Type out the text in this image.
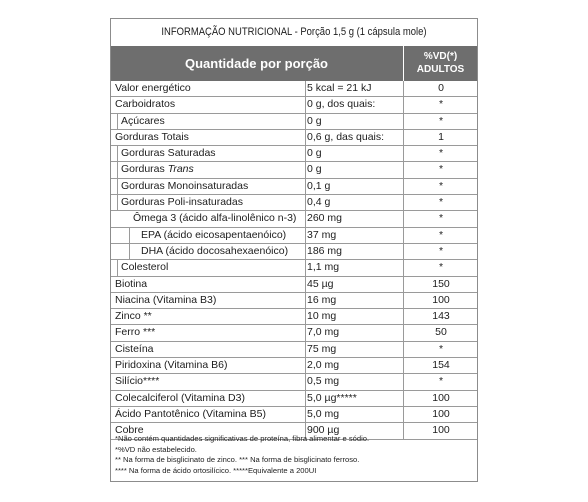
INFORMAÇÃO NUTRICIONAL - Porção 1,5 g (1 cápsula mole)
Quantidade por porção	%VD(*)
ADULTOS
Valor energético	5 kcal = 21 kJ	0
Carboidratos	0 g, dos quais:	*
Açúcares	0 g	*
Gorduras Totais	0,6 g, das quais:	1
Gorduras Saturadas	0 g	*
Gorduras Trans	0 g	*
Gorduras Monoinsaturadas	0,1 g	*
Gorduras Poli-insaturadas	0,4 g	*
Ômega 3 (ácido alfa-linolênico n-3)	260 mg	*
EPA (ácido eicosapentaenóico)	37 mg	*
DHA (ácido docosahexaenóico)	186 mg	*
Colesterol	1,1 mg	*
Biotina	45 µg	150
Niacina (Vitamina B3)	16 mg	100
Zinco **	10 mg	143
Ferro ***	7,0 mg	50
Cisteína	75 mg	*
Piridoxina (Vitamina B6)	2,0 mg	154
Silício****	0,5 mg	*
Colecalciferol (Vitamina D3)	5,0 µg*****	100
Ácido Pantotênico (Vitamina B5)	5,0 mg	100
Cobre	900 µg	100
*Não contém quantidades significativas de proteína, fibra alimentar e sódio.
*%VD não estabelecido.
** Na forma de bisglicinato de zinco. *** Na forma de bisglicinato ferroso.
**** Na forma de ácido ortosilícico. *****Equivalente a 200UI
